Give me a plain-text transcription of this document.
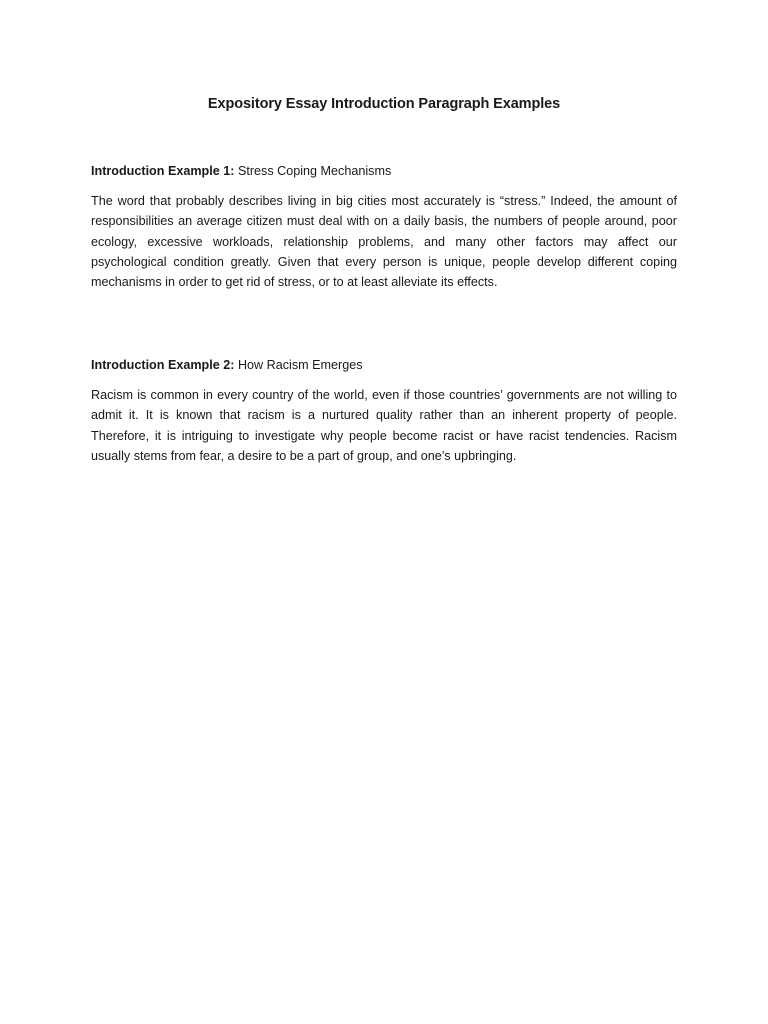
Expository Essay Introduction Paragraph Examples

Introduction Example 1: Stress Coping Mechanisms

The word that probably describes living in big cities most accurately is “stress.” Indeed, the amount of responsibilities an average citizen must deal with on a daily basis, the numbers of people around, poor ecology, excessive workloads, relationship problems, and many other factors may affect our psychological condition greatly. Given that every person is unique, people develop different coping mechanisms in order to get rid of stress, or to at least alleviate its effects.

Introduction Example 2: How Racism Emerges

Racism is common in every country of the world, even if those countries’ governments are not willing to admit it. It is known that racism is a nurtured quality rather than an inherent property of people. Therefore, it is intriguing to investigate why people become racist or have racist tendencies. Racism usually stems from fear, a desire to be a part of group, and one’s upbringing.
